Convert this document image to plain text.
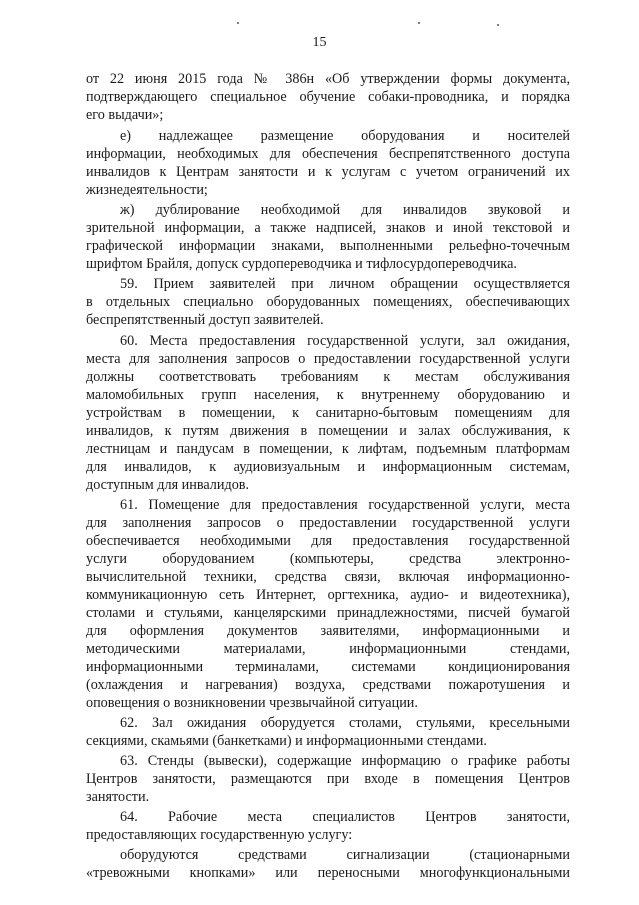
15
от 22 июня 2015 года № 386н «Об утверждении формы документа,
подтверждающего специальное обучение собаки-проводника, и порядка
его выдачи»;
е) надлежащее размещение оборудования и носителей
информации, необходимых для обеспечения беспрепятственного доступа
инвалидов к Центрам занятости и к услугам с учетом ограничений их
жизнедеятельности;
ж) дублирование необходимой для инвалидов звуковой и
зрительной информации, а также надписей, знаков и иной текстовой и
графической информации знаками, выполненными рельефно-точечным
шрифтом Брайля, допуск сурдопереводчика и тифлосурдопереводчика.
59. Прием заявителей при личном обращении осуществляется
в отдельных специально оборудованных помещениях, обеспечивающих
беспрепятственный доступ заявителей.
60. Места предоставления государственной услуги, зал ожидания,
места для заполнения запросов о предоставлении государственной услуги
должны соответствовать требованиям к местам обслуживания
маломобильных групп населения, к внутреннему оборудованию и
устройствам в помещении, к санитарно-бытовым помещениям для
инвалидов, к путям движения в помещении и залах обслуживания, к
лестницам и пандусам в помещении, к лифтам, подъемным платформам
для инвалидов, к аудиовизуальным и информационным системам,
доступным для инвалидов.
61. Помещение для предоставления государственной услуги, места
для заполнения запросов о предоставлении государственной услуги
обеспечивается необходимыми для предоставления государственной
услуги оборудованием (компьютеры, средства электронно-
вычислительной техники, средства связи, включая информационно-
коммуникационную сеть Интернет, оргтехника, аудио- и видеотехника),
столами и стульями, канцелярскими принадлежностями, писчей бумагой
для оформления документов заявителями, информационными и
методическими материалами, информационными стендами,
информационными терминалами, системами кондиционирования
(охлаждения и нагревания) воздуха, средствами пожаротушения и
оповещения о возникновении чрезвычайной ситуации.
62. Зал ожидания оборудуется столами, стульями, кресельными
секциями, скамьями (банкетками) и информационными стендами.
63. Стенды (вывески), содержащие информацию о графике работы
Центров занятости, размещаются при входе в помещения Центров
занятости.
64. Рабочие места специалистов Центров занятости,
предоставляющих государственную услугу:
оборудуются средствами сигнализации (стационарными
«тревожными кнопками» или переносными многофункциональными
